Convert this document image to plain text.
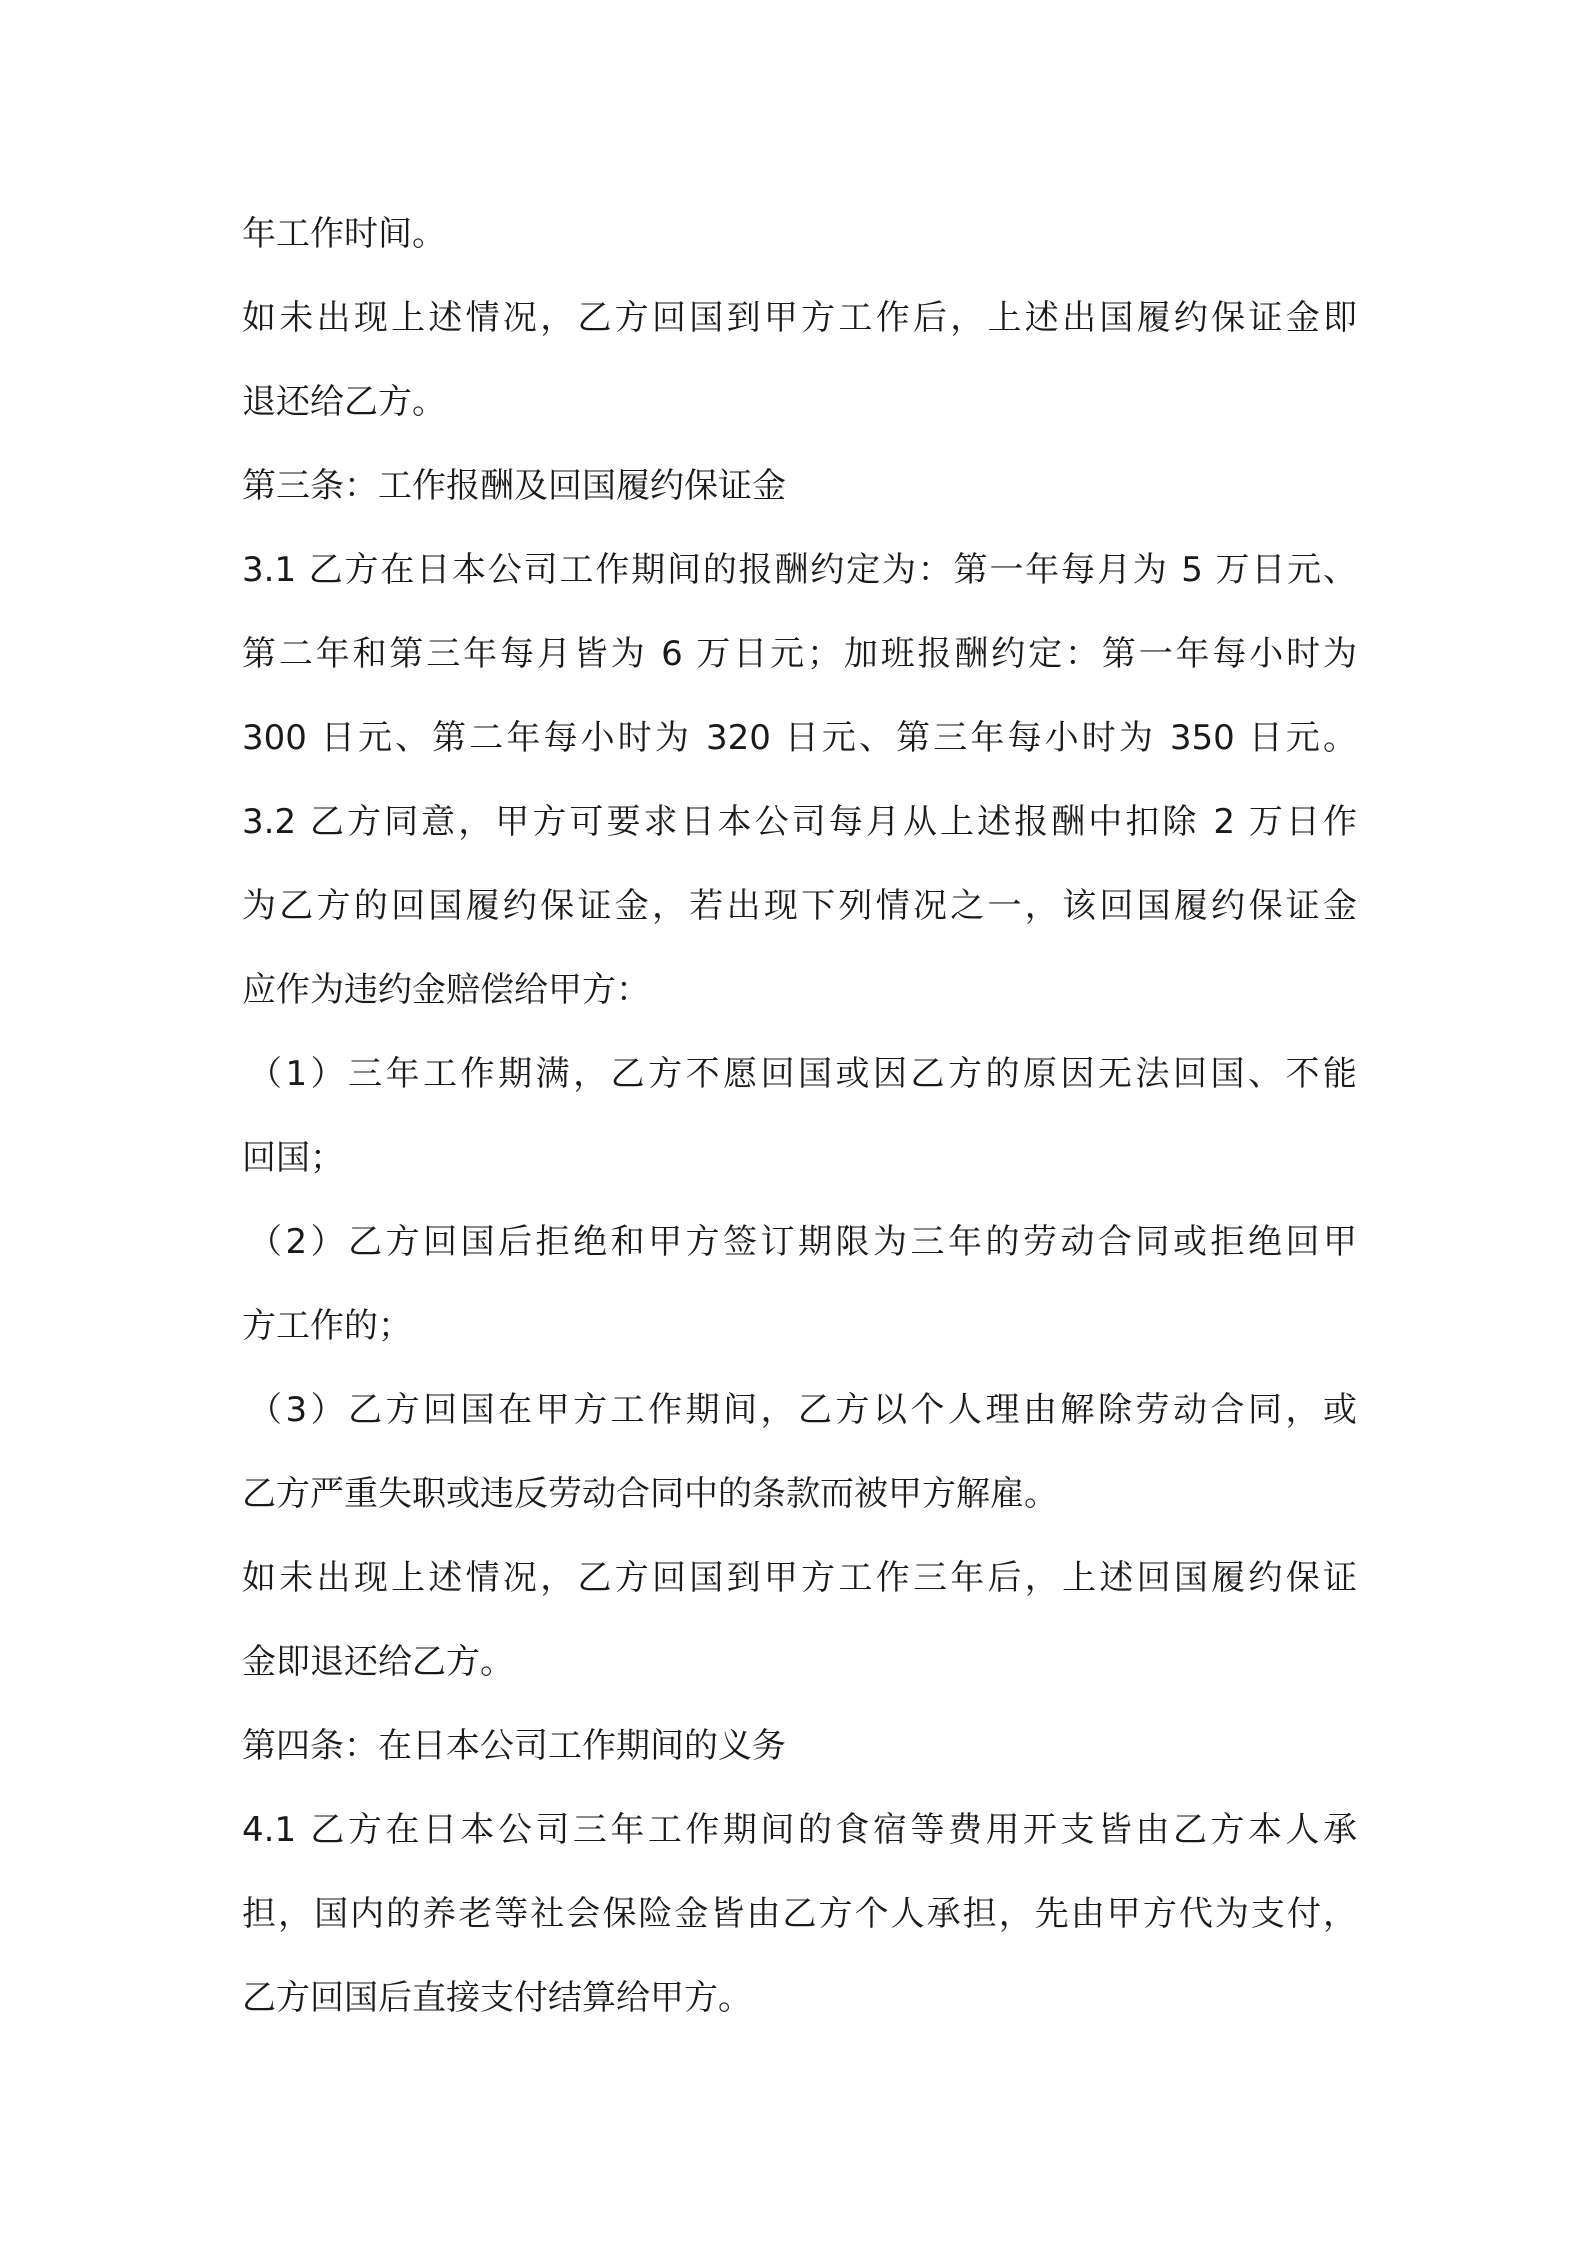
年工作时间。
如未出现上述情况，乙方回国到甲方工作后，上述出国履约保证金即
退还给乙方。
第三条：工作报酬及回国履约保证金
3.1 乙方在日本公司工作期间的报酬约定为：第一年每月为 5 万日元、
第二年和第三年每月皆为 6 万日元；加班报酬约定：第一年每小时为
300 日元、第二年每小时为 320 日元、第三年每小时为 350 日元。
3.2 乙方同意，甲方可要求日本公司每月从上述报酬中扣除 2 万日作
为乙方的回国履约保证金，若出现下列情况之一，该回国履约保证金
应作为违约金赔偿给甲方：
（1）三年工作期满，乙方不愿回国或因乙方的原因无法回国、不能
回国；
（2）乙方回国后拒绝和甲方签订期限为三年的劳动合同或拒绝回甲
方工作的；
（3）乙方回国在甲方工作期间，乙方以个人理由解除劳动合同，或
乙方严重失职或违反劳动合同中的条款而被甲方解雇。
如未出现上述情况，乙方回国到甲方工作三年后，上述回国履约保证
金即退还给乙方。
第四条：在日本公司工作期间的义务
4.1 乙方在日本公司三年工作期间的食宿等费用开支皆由乙方本人承
担，国内的养老等社会保险金皆由乙方个人承担，先由甲方代为支付，
乙方回国后直接支付结算给甲方。
